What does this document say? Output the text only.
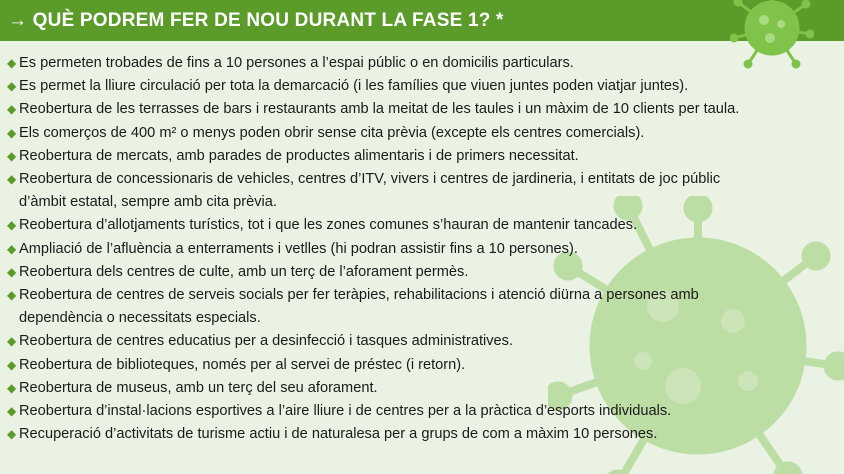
→ QUÈ PODREM FER DE NOU DURANT LA FASE 1? *
◆ Es permeten trobades de fins a 10 persones a l’espai públic o en domicilis particulars.
◆ Es permet la lliure circulació per tota la demarcació (i les famílies que viuen juntes poden viatjar juntes).
◆ Reobertura de les terrasses de bars i restaurants amb la meitat de les taules i un màxim de 10 clients per taula.
◆ Els comerços de 400 m² o menys poden obrir sense cita prèvia (excepte els centres comercials).
◆ Reobertura de mercats, amb parades de productes alimentaris i de primers necessitat.
◆ Reobertura de concessionaris de vehicles, centres d’ITV, vivers i centres de jardineria, i entitats de joc públic
d’àmbit estatal, sempre amb cita prèvia.
◆ Reobertura d’allotjaments turístics, tot i que les zones comunes s’hauran de mantenir tancades.
◆ Ampliació de l’afluència a enterraments i vetlles (hi podran assistir fins a 10 persones).
◆ Reobertura dels centres de culte, amb un terç de l’aforament permès.
◆ Reobertura de centres de serveis socials per fer teràpies, rehabilitacions i atenció diürna a persones amb
dependència o necessitats especials.
◆ Reobertura de centres educatius per a desinfecció i tasques administratives.
◆ Reobertura de biblioteques, només per al servei de préstec (i retorn).
◆ Reobertura de museus, amb un terç del seu aforament.
◆ Reobertura d’instal·lacions esportives a l’aire lliure i de centres per a la pràctica d’esports individuals.
◆ Recuperació d’activitats de turisme actiu i de naturalesa per a grups de com a màxim 10 persones.
